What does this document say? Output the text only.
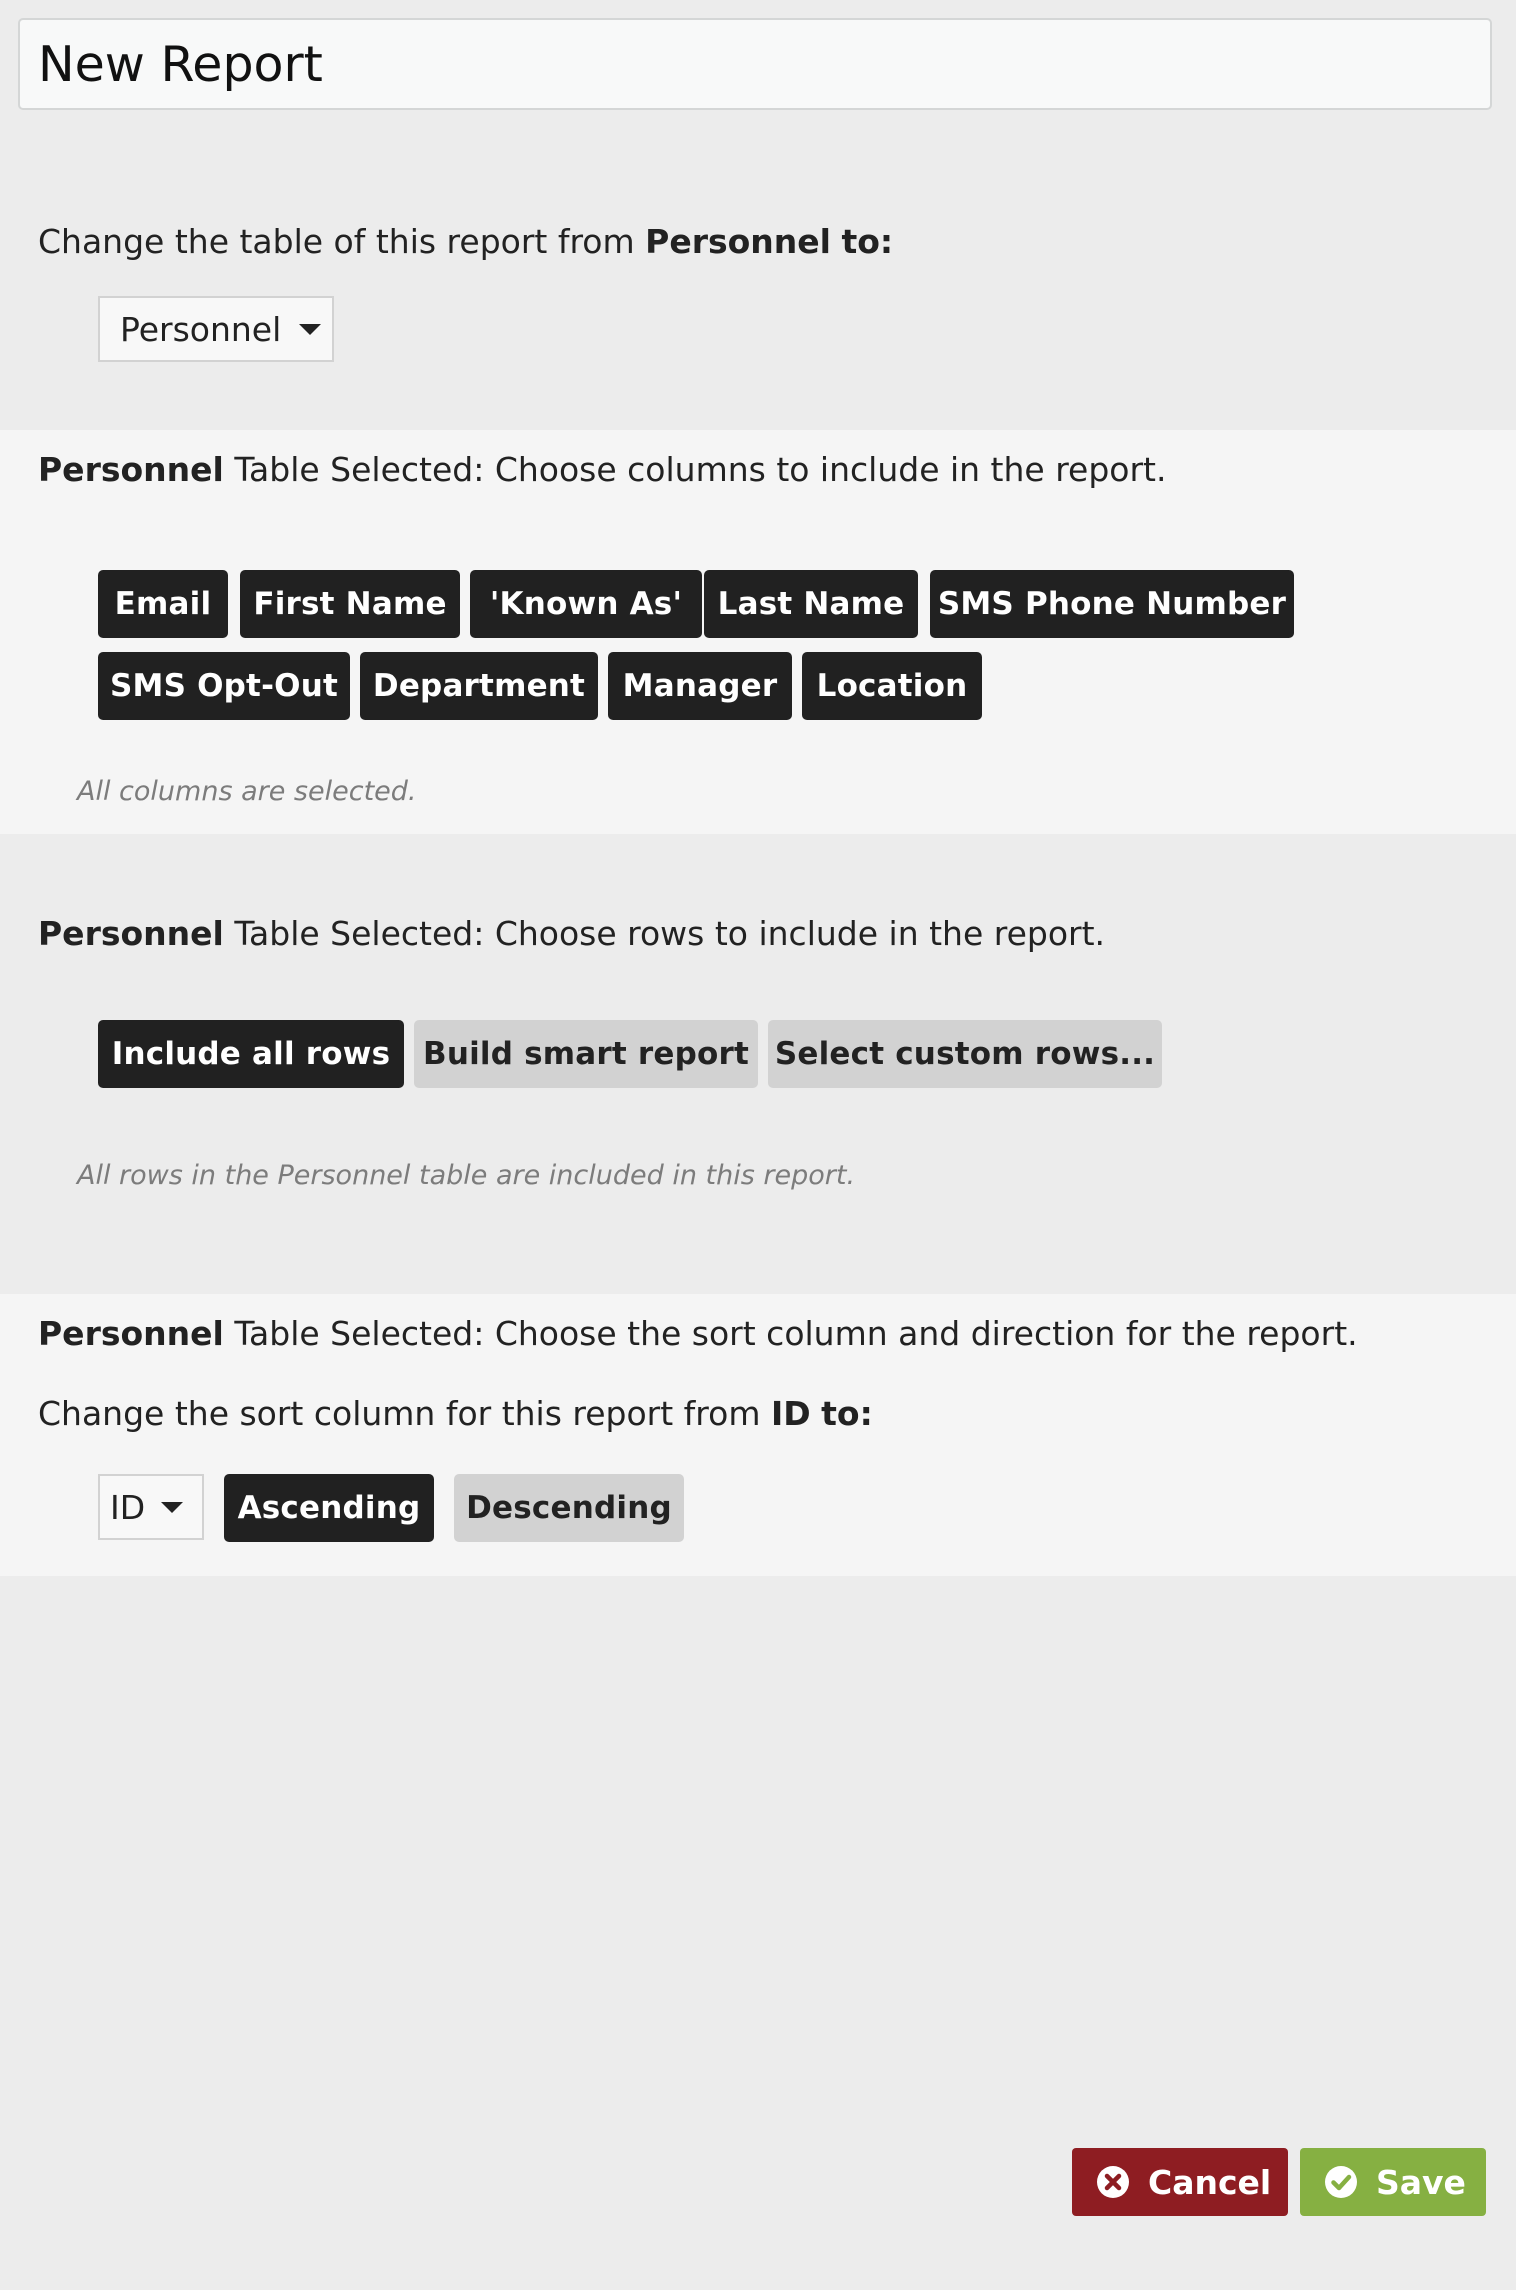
New Report
Change the table of this report from Personnel to:
Personnel
Personnel Table Selected: Choose columns to include in the report.
Email	First Name	'Known As'	Last Name	SMS Phone Number
SMS Opt-Out	Department	Manager	Location
All columns are selected.
Personnel Table Selected: Choose rows to include in the report.
Include all rows	Build smart report Select custom rows...
All rows in the Personnel table are included in this report.
Personnel Table Selected: Choose the sort column and direction for the report.
Change the sort column for this report from ID to:
ID	Ascending	Descending
Cancel	Save
